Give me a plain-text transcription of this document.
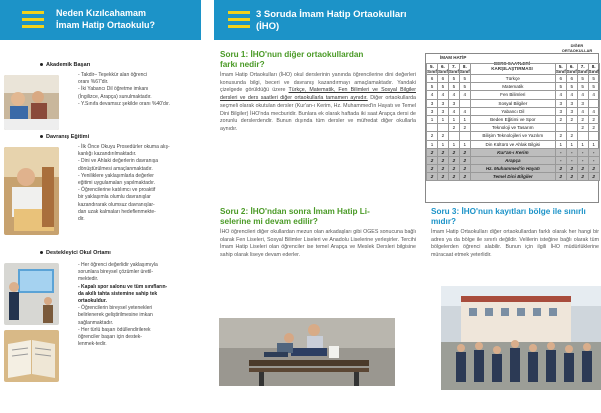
Neden Kızılcahamam
İmam Hatip Ortaokulu?
3 Soruda İmam Hatip Ortaokulları
(İHO)
Akademik Başarı

- Takdir– Teşekkür alan öğrenci

oranı %67'dir.

- İki Yabancı Dil öğretme imkanı

(İngilizce, Arapça) sunulmaktadır.

- Y.Sınıfa devamsız şekilde oranı %40'dır.

Davranış Eğitimi

- İlk Önce Okuyu Prosedürler okuma alış-

kanlığı kazandırılmaktadır.

- Dini ve Ahlaki değerlerin davranışa

dönüştürülmesi amaçlanmaktadır.

- Yeniliklere yaklaşımlarla değerler

eğitimi uygulamaları yapılmaktadır.

- Öğrencilerine katılımcı ve proaktif

bir yaklaşımla olumlu davranışlar

kazandırarak olumsuz davranışlar-

dan uzak kalmaları hedeflenmekte-

dir.

Destekleyici Okul Ortamı

- Her öğrenci değerlidir yaklaşımıyla

sorunlara bireysel çözümler üretil-

mektedir.

- Kapalı spor salonu ve tüm sınıfların-

da akıllı tahta sistemine sahip tek

ortaokuldur.

- Öğrencilerin bireysel yetenekleri

belirlenerek geliştirilmesine imkan

sağlanmaktadır.

- Her türlü başarı ödüllendirilerek

öğrenciler başarı için destek-

lenmek-tedir.

Soru 1: İHO'nun diğer ortaokullardan
farkı nedir?
İmam Hatip Ortaokulları (İHO) okul derslerinin yanında öğrencilerine dini değerleri konusunda bilgi, beceri ve davranış kazandırmayı amaçlamaktadır. Yandaki çizelgede görüldüğü üzere Türkçe, Matematik, Fen Bilimleri ve Sosyal Bilgiler dersleri ve ders saatleri diğer ortaokullarla tamamen aynıdır. Diğer ortaokullarda seçmeli olarak okutulan dersler (Kur'an-ı Kerim, Hz. Muhammed'in Hayatı ve Temel Dini Bilgiler) İHO'nda mecburidir. Bunlara ek olarak haftada iki saat Arapça dersi de zorunlu derslerdendir. Bunun dışında tüm dersler ve müfredat diğer okullarla aynıdır.
Soru 2: İHO'ndan sonra İmam Hatip Li-
selerine mi devam edilir?
İHO öğrencileri diğer okullardan mezun olan arkadaşları gibi OGES sonucuna bağlı olarak Fen Liseleri, Sosyal Bilimler Liseleri ve Anadolu Liselerine yerleşirler. Tercihi İmam Hatip Liseleri olan öğrenciler ise temel Arapça ve Meslek Dersleri bilgisine sahip olarak liseye devam ederler.
İMAM HATİP
DERS SAATLERİ
KARŞILAŞTIRMASI
DİĞER ORTAOKULLAR
5. Sınıf	6. Sınıf	7. Sınıf	8. Sınıf		5. Sınıf	6. Sınıf	7. Sınıf	8. Sınıf
6	6	5	5	Türkçe	6	6	5	5
5	5	5	5	Matematik	5	5	5	5
4	4	4	4	Fen Bilimleri	4	4	4	4
3	3	3		Sosyal Bilgiler	3	3	3	
3	3	4	4	Yabancı Dil	3	3	4	4
1	1	1	1	Beden Eğitimi ve Spor	2	2	2	2
		2	2	Teknoloji ve Tasarım			2	2
2	2			Bilişim Teknolojileri ve Yazılım	2	2		
1	1	1	1	Din Kültürü ve Ahlak Bilgisi	1	1	1	1
2	2	2	2	Kur'an-ı Kerim	-	-	-	-
2	2	2	2	Arapça	-	-	-	-
2	2	2	2	Hz. Muhammed'in Hayatı	2	2	2	2
2	2	2	2	Temel Dini Bilgiler	2	2	2	2
Soru 3: İHO'nun kayıtları bölge ile sınırlı
mıdır?
İmam Hatip Ortaokulları diğer ortaokullardan farklı olarak her hangi bir adres ya da bölge ile sınırlı değildir. Velilerin isteğine bağlı olarak tüm bölgelerden öğrenci alabilir. Bunun için ilgili İHO müdürlüklerine müracaat etmek yeterlidir.
